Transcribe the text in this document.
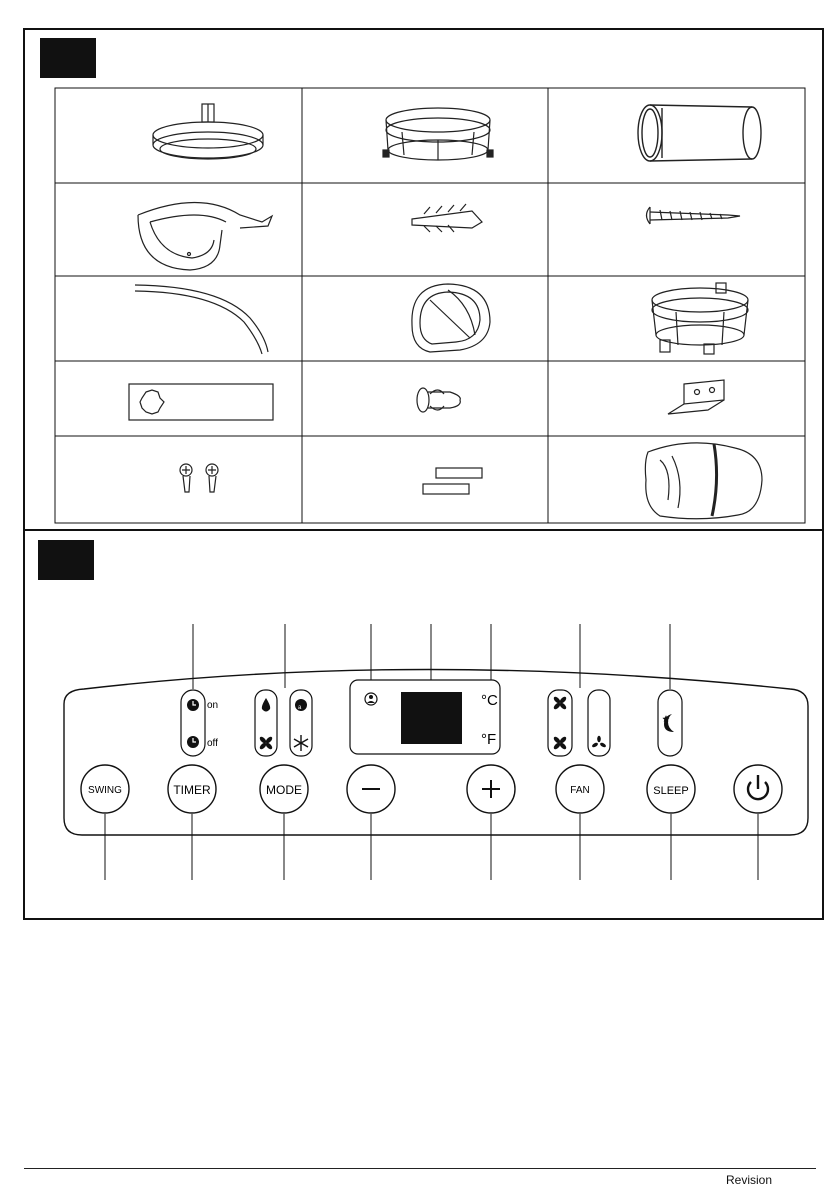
on
off
a	°C
°F
SWING	TIMER	MODE	FAN	SLEEP
Revision
